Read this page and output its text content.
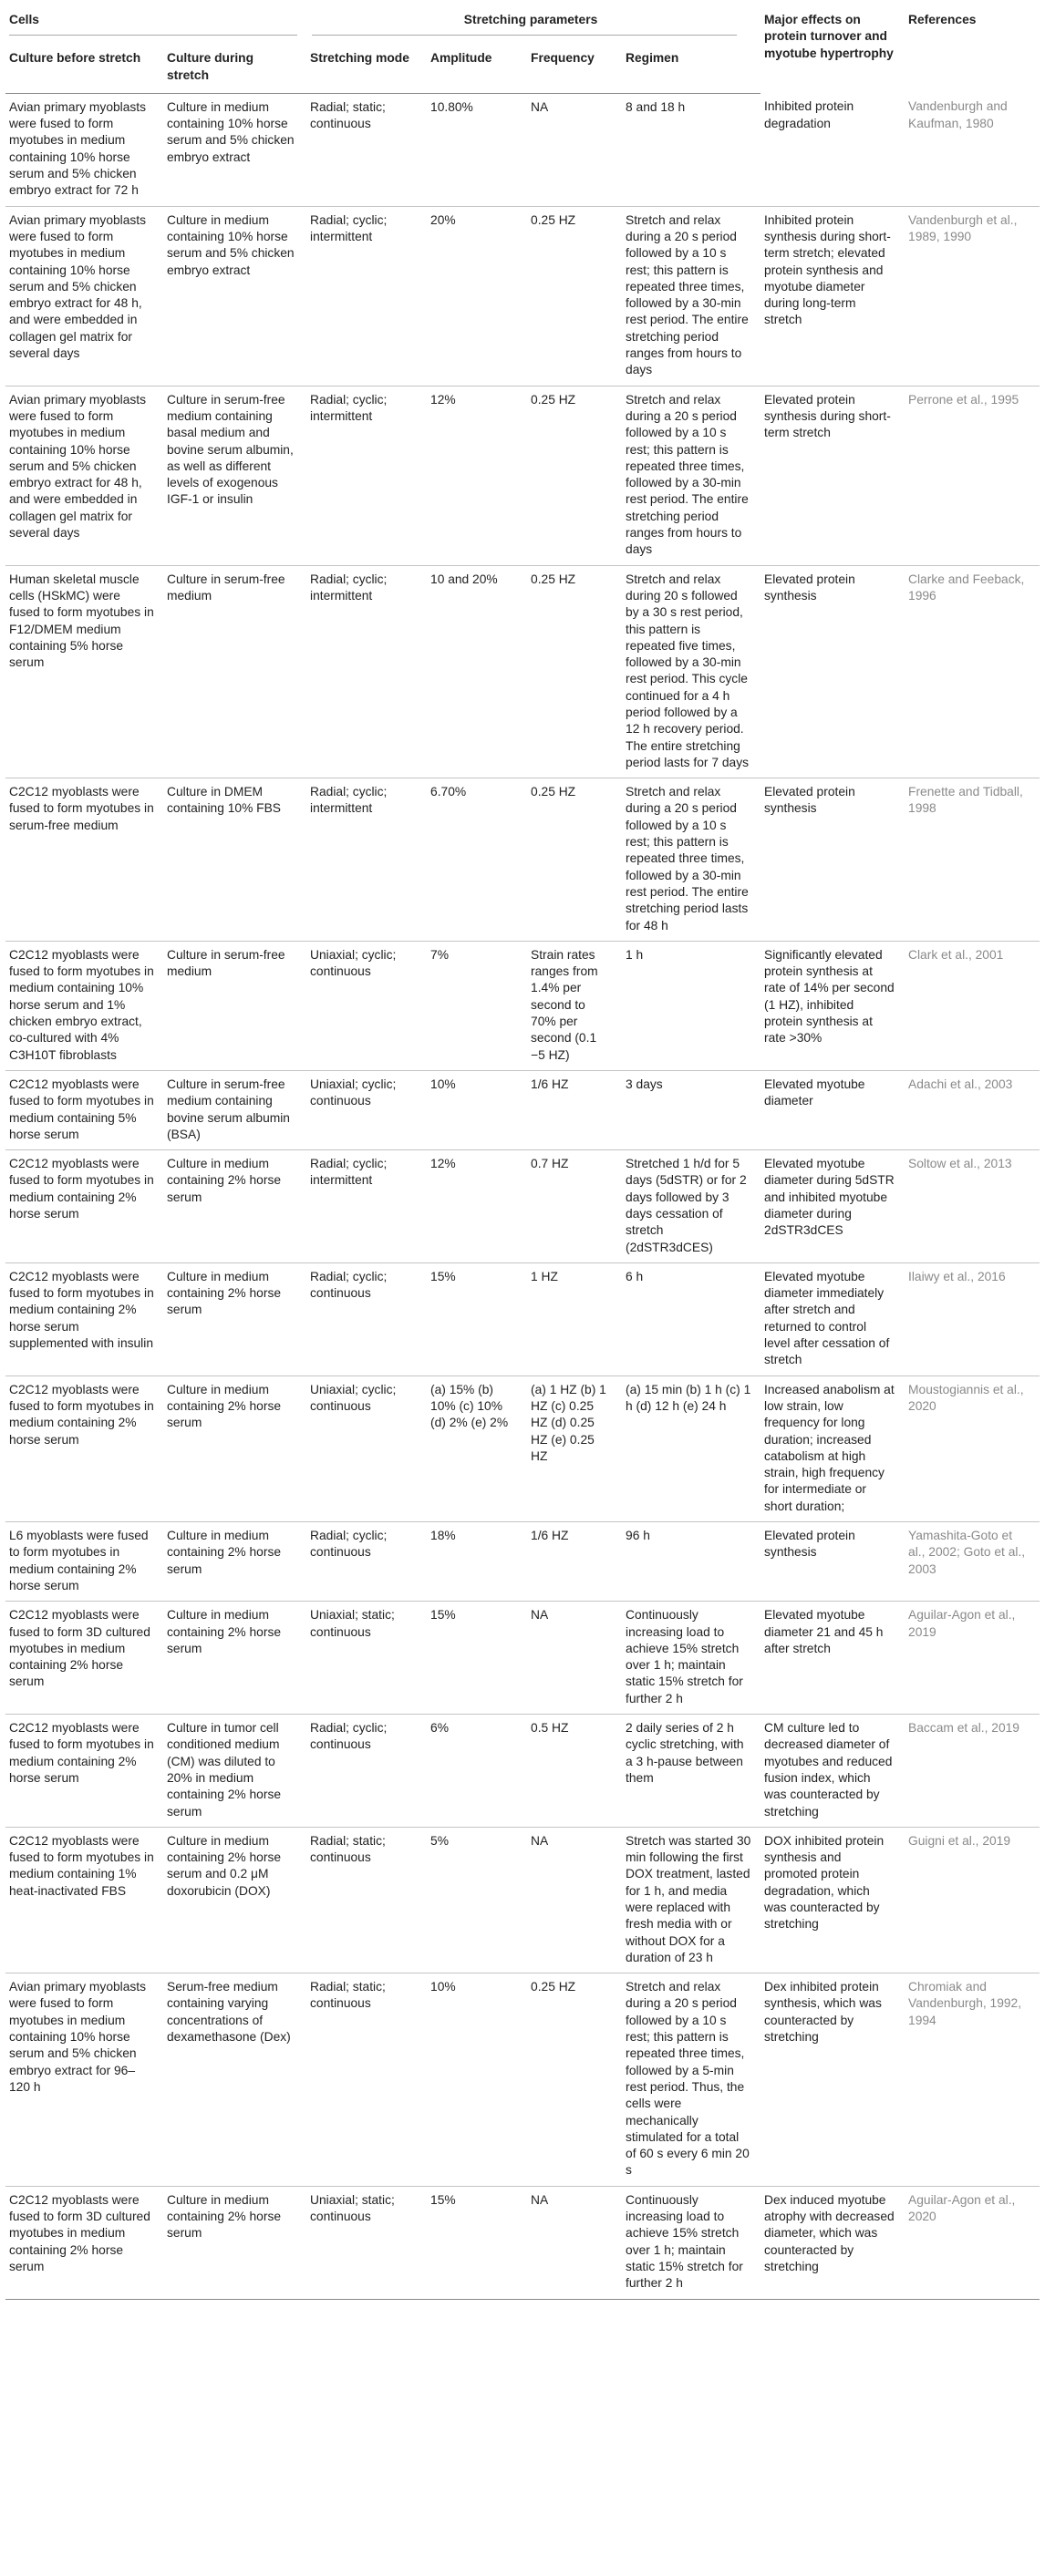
Cells		Stretching parameters				Major effects on protein turnover and myotube hypertrophy	References
Culture before stretch	Culture during stretch	Stretching mode	Amplitude	Frequency	Regimen		
Avian primary myoblasts were fused to form myotubes in medium containing 10% horse serum and 5% chicken embryo extract for 72 h	Culture in medium containing 10% horse serum and 5% chicken embryo extract	Radial; static; continuous	10.80%	NA	8 and 18 h	Inhibited protein degradation	Vandenburgh and Kaufman, 1980
Avian primary myoblasts were fused to form myotubes in medium containing 10% horse serum and 5% chicken embryo extract for 48 h, and were embedded in collagen gel matrix for several days	Culture in medium containing 10% horse serum and 5% chicken embryo extract	Radial; cyclic; intermittent	20%	0.25 HZ	Stretch and relax during a 20 s period followed by a 10 s rest; this pattern is repeated three times, followed by a 30-min rest period. The entire stretching period ranges from hours to days	Inhibited protein synthesis during short-term stretch; elevated protein synthesis and myotube diameter during long-term stretch	Vandenburgh et al., 1989, 1990
Avian primary myoblasts were fused to form myotubes in medium containing 10% horse serum and 5% chicken embryo extract for 48 h, and were embedded in collagen gel matrix for several days	Culture in serum-free medium containing basal medium and bovine serum albumin, as well as different levels of exogenous IGF-1 or insulin	Radial; cyclic; intermittent	12%	0.25 HZ	Stretch and relax during a 20 s period followed by a 10 s rest; this pattern is repeated three times, followed by a 30-min rest period. The entire stretching period ranges from hours to days	Elevated protein synthesis during short-term stretch	Perrone et al., 1995
Human skeletal muscle cells (HSkMC) were fused to form myotubes in F12/DMEM medium containing 5% horse serum	Culture in serum-free medium	Radial; cyclic; intermittent	10 and 20%	0.25 HZ	Stretch and relax during 20 s followed by a 30 s rest period, this pattern is repeated five times, followed by a 30-min rest period. This cycle continued for a 4 h period followed by a 12 h recovery period. The entire stretching period lasts for 7 days	Elevated protein synthesis	Clarke and Feeback, 1996
C2C12 myoblasts were fused to form myotubes in serum-free medium	Culture in DMEM containing 10% FBS	Radial; cyclic; intermittent	6.70%	0.25 HZ	Stretch and relax during a 20 s period followed by a 10 s rest; this pattern is repeated three times, followed by a 30-min rest period. The entire stretching period lasts for 48 h	Elevated protein synthesis	Frenette and Tidball, 1998
C2C12 myoblasts were fused to form myotubes in medium containing 10% horse serum and 1% chicken embryo extract, co-cultured with 4% C3H10T fibroblasts	Culture in serum-free medium	Uniaxial; cyclic; continuous	7%	Strain rates ranges from 1.4% per second to 70% per second (0.1 −5 HZ)	1 h	Significantly elevated protein synthesis at rate of 14% per second (1 HZ), inhibited protein synthesis at rate >30%	Clark et al., 2001
C2C12 myoblasts were fused to form myotubes in medium containing 5% horse serum	Culture in serum-free medium containing bovine serum albumin (BSA)	Uniaxial; cyclic; continuous	10%	1/6 HZ	3 days	Elevated myotube diameter	Adachi et al., 2003
C2C12 myoblasts were fused to form myotubes in medium containing 2% horse serum	Culture in medium containing 2% horse serum	Radial; cyclic; intermittent	12%	0.7 HZ	Stretched 1 h/d for 5 days (5dSTR) or for 2 days followed by 3 days cessation of stretch (2dSTR3dCES)	Elevated myotube diameter during 5dSTR and inhibited myotube diameter during 2dSTR3dCES	Soltow et al., 2013
C2C12 myoblasts were fused to form myotubes in medium containing 2% horse serum supplemented with insulin	Culture in medium containing 2% horse serum	Radial; cyclic; continuous	15%	1 HZ	6 h	Elevated myotube diameter immediately after stretch and returned to control level after cessation of stretch	Ilaiwy et al., 2016
C2C12 myoblasts were fused to form myotubes in medium containing 2% horse serum	Culture in medium containing 2% horse serum	Uniaxial; cyclic; continuous	(a) 15% (b) 10% (c) 10% (d) 2% (e) 2%	(a) 1 HZ (b) 1 HZ (c) 0.25 HZ (d) 0.25 HZ (e) 0.25 HZ	(a) 15 min (b) 1 h (c) 1 h (d) 12 h (e) 24 h	Increased anabolism at low strain, low frequency for long duration; increased catabolism at high strain, high frequency for intermediate or short duration;	Moustogiannis et al., 2020
L6 myoblasts were fused to form myotubes in medium containing 2% horse serum	Culture in medium containing 2% horse serum	Radial; cyclic; continuous	18%	1/6 HZ	96 h	Elevated protein synthesis	Yamashita-Goto et al., 2002; Goto et al., 2003
C2C12 myoblasts were fused to form 3D cultured myotubes in medium containing 2% horse serum	Culture in medium containing 2% horse serum	Uniaxial; static; continuous	15%	NA	Continuously increasing load to achieve 15% stretch over 1 h; maintain static 15% stretch for further 2 h	Elevated myotube diameter 21 and 45 h after stretch	Aguilar-Agon et al., 2019
C2C12 myoblasts were fused to form myotubes in medium containing 2% horse serum	Culture in tumor cell conditioned medium (CM) was diluted to 20% in medium containing 2% horse serum	Radial; cyclic; continuous	6%	0.5 HZ	2 daily series of 2 h cyclic stretching, with a 3 h-pause between them	CM culture led to decreased diameter of myotubes and reduced fusion index, which was counteracted by stretching	Baccam et al., 2019
C2C12 myoblasts were fused to form myotubes in medium containing 1% heat-inactivated FBS	Culture in medium containing 2% horse serum and 0.2 μM doxorubicin (DOX)	Radial; static; continuous	5%	NA	Stretch was started 30 min following the first DOX treatment, lasted for 1 h, and media were replaced with fresh media with or without DOX for a duration of 23 h	DOX inhibited protein synthesis and promoted protein degradation, which was counteracted by stretching	Guigni et al., 2019
Avian primary myoblasts were fused to form myotubes in medium containing 10% horse serum and 5% chicken embryo extract for 96–120 h	Serum-free medium containing varying concentrations of dexamethasone (Dex)	Radial; static; continuous	10%	0.25 HZ	Stretch and relax during a 20 s period followed by a 10 s rest; this pattern is repeated three times, followed by a 5-min rest period. Thus, the cells were mechanically stimulated for a total of 60 s every 6 min 20 s	Dex inhibited protein synthesis, which was counteracted by stretching	Chromiak and Vandenburgh, 1992, 1994
C2C12 myoblasts were fused to form 3D cultured myotubes in medium containing 2% horse serum	Culture in medium containing 2% horse serum	Uniaxial; static; continuous	15%	NA	Continuously increasing load to achieve 15% stretch over 1 h; maintain static 15% stretch for further 2 h	Dex induced myotube atrophy with decreased diameter, which was counteracted by stretching	Aguilar-Agon et al., 2020
